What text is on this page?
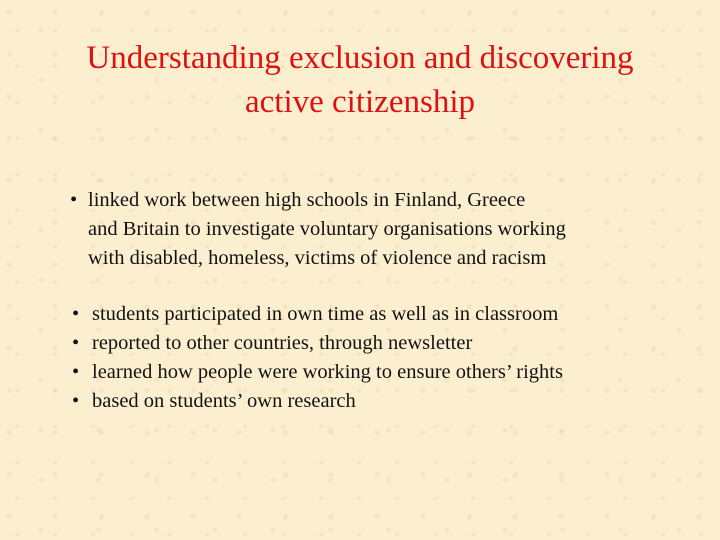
Understanding exclusion and discovering
active citizenship
• linked work between high schools in Finland, Greece
and Britain to investigate voluntary organisations working
with disabled, homeless, victims of violence and racism
• students participated in own time as well as in classroom
• reported to other countries, through newsletter
• learned how people were working to ensure others’ rights
• based on students’ own research
